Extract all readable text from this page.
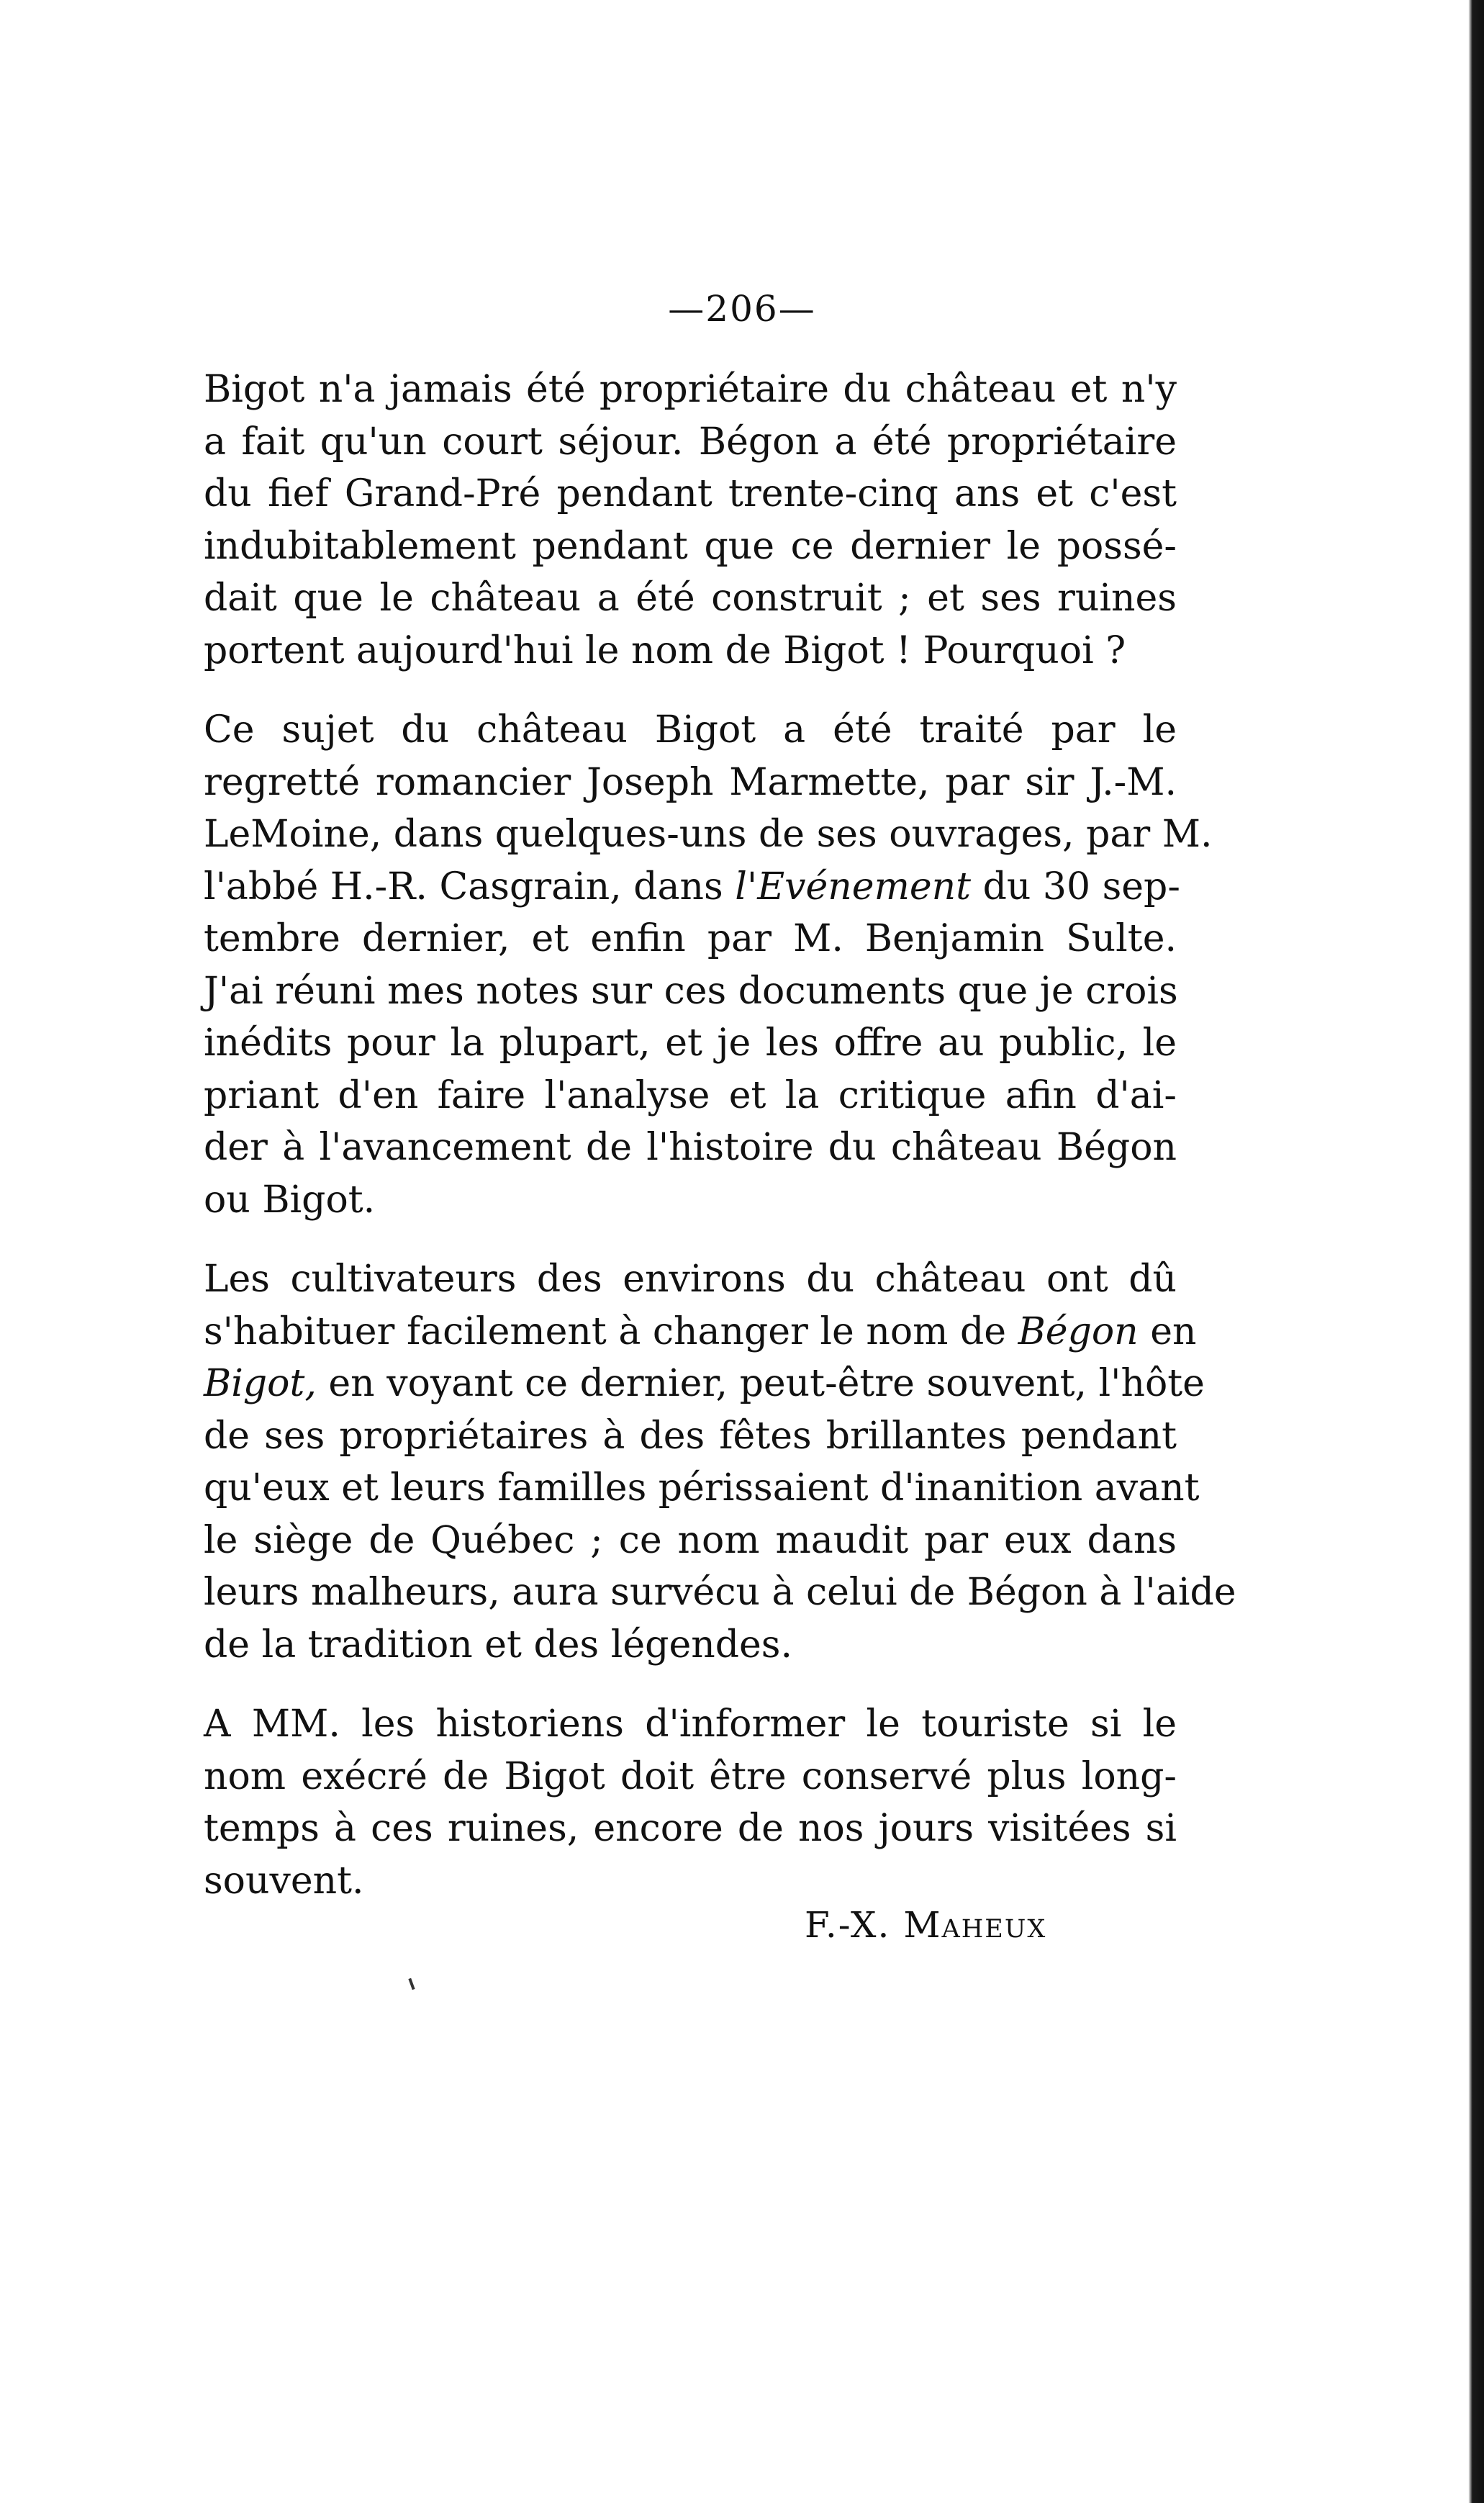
—206—

Bigot n'a jamais été propriétaire du château et n'y
a fait qu'un court séjour. Bégon a été propriétaire
du fief Grand-Pré pendant trente-cinq ans et c'est
indubitablement pendant que ce dernier le possé-
dait que le château a été construit ; et ses ruines
portent aujourd'hui le nom de Bigot ! Pourquoi ?

Ce sujet du château Bigot a été traité par le
regretté romancier Joseph Marmette, par sir J.-M.
LeMoine, dans quelques-uns de ses ouvrages, par M.
l'abbé H.-R. Casgrain, dans l'Evénement du 30 sep-
tembre dernier, et enfin par M. Benjamin Sulte.
J'ai réuni mes notes sur ces documents que je crois
inédits pour la plupart, et je les offre au public, le
priant d'en faire l'analyse et la critique afin d'ai-
der à l'avancement de l'histoire du château Bégon
ou Bigot.

Les cultivateurs des environs du château ont dû
s'habituer facilement à changer le nom de Bégon en
Bigot, en voyant ce dernier, peut-être souvent, l'hôte
de ses propriétaires à des fêtes brillantes pendant
qu'eux et leurs familles périssaient d'inanition avant
le siège de Québec ; ce nom maudit par eux dans
leurs malheurs, aura survécu à celui de Bégon à l'aide
de la tradition et des légendes.

A MM. les historiens d'informer le touriste si le
nom exécré de Bigot doit être conservé plus long-
temps à ces ruines, encore de nos jours visitées si
souvent.

F.-X. Maheux
